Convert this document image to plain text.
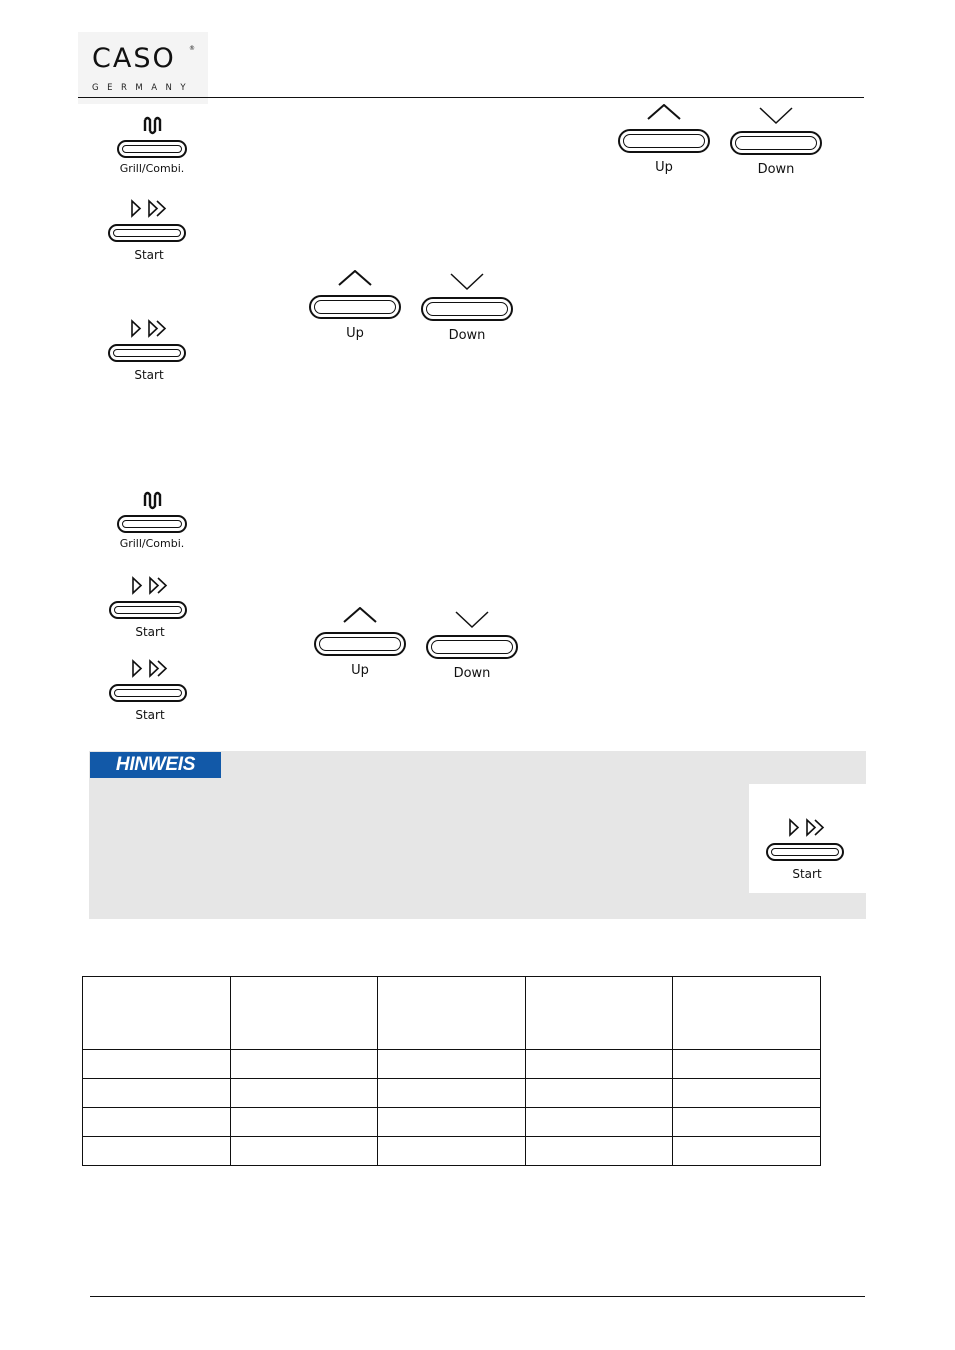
CASO ®
GERMANY
Grill/Combi.
Start
Up	Down
Up	Down
Start
Grill/Combi.
Start
Start
Up	Down
HINWEIS
Start
